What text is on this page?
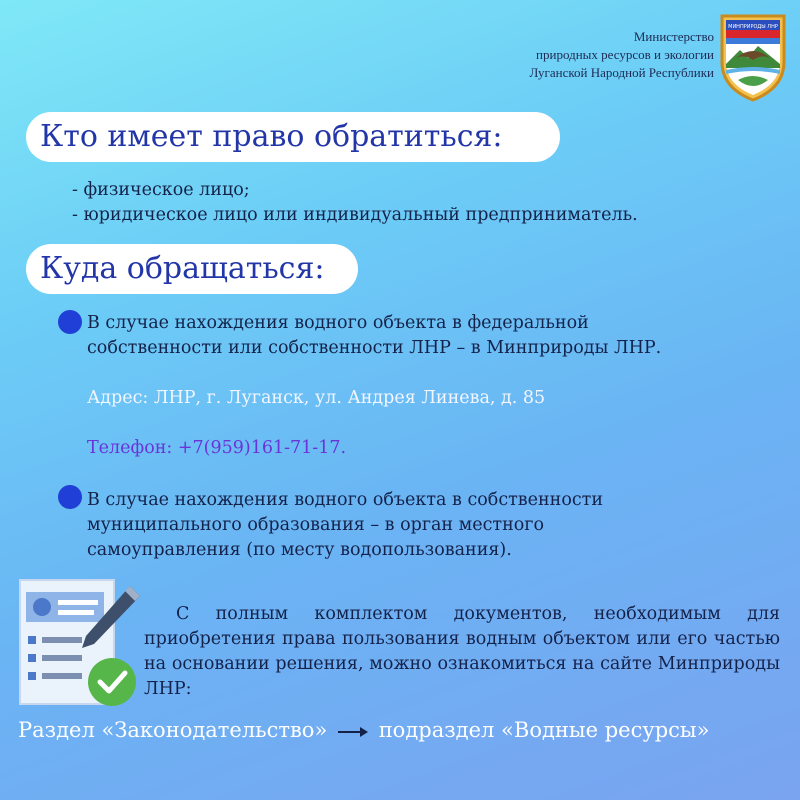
Министерство
природных ресурсов и экологии
Луганской Народной Республики
МИНПРИРОДЫ ЛНР
Кто имеет право обратиться:
- физическое лицо;
- юридическое лицо или индивидуальный предприниматель.
Куда обращаться:
В случае нахождения водного объекта в федеральной
собственности или собственности ЛНР – в Минприроды ЛНР.
Адрес: ЛНР, г. Луганск, ул. Андрея Линева, д. 85
Телефон: +7(959)161-71-17.
В случае нахождения водного объекта в собственности
муниципального образования – в орган местного
самоуправления (по месту водопользования).
С полным комплектом документов, необходимым для приобретения права пользования водным объектом или его частью на основании решения, можно ознакомиться на сайте Минприроды ЛНР:
Раздел «Законодательство» подраздел «Водные ресурсы»
